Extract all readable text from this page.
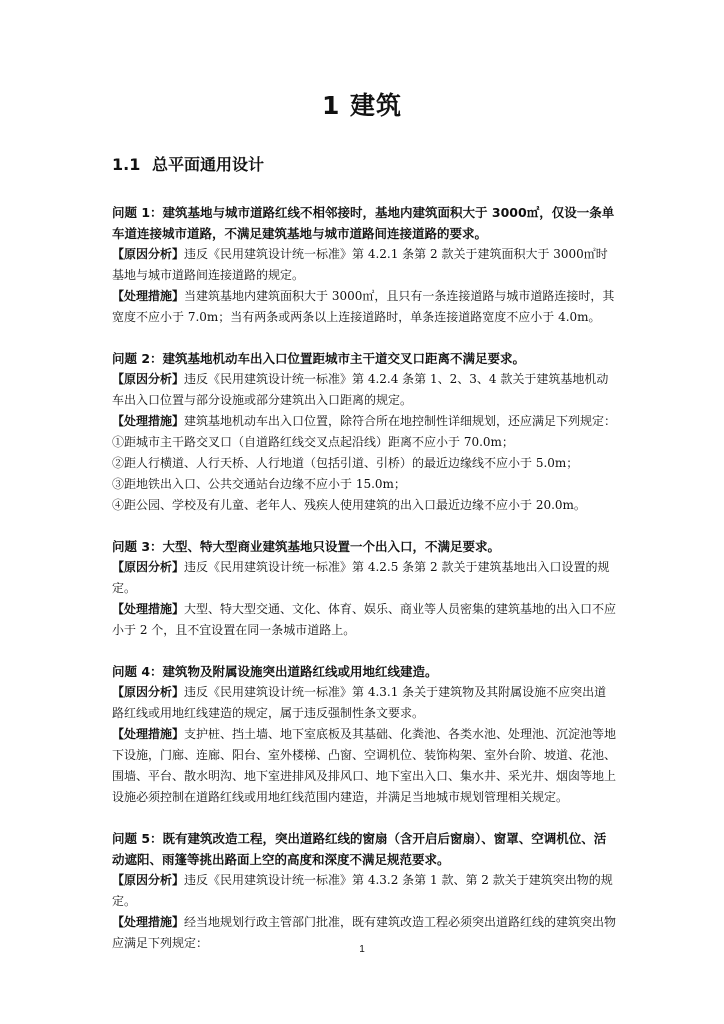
1 建筑
1.1 总平面通用设计

问题 1：建筑基地与城市道路红线不相邻接时，基地内建筑面积大于 3000㎡，仅设一条单车道连接城市道路，不满足建筑基地与城市道路间连接道路的要求。

【原因分析】违反《民用建筑设计统一标准》第 4.2.1 条第 2 款关于建筑面积大于 3000㎡时基地与城市道路间连接道路的规定。

【处理措施】当建筑基地内建筑面积大于 3000㎡，且只有一条连接道路与城市道路连接时，其宽度不应小于 7.0m；当有两条或两条以上连接道路时，单条连接道路宽度不应小于 4.0m。

问题 2：建筑基地机动车出入口位置距城市主干道交叉口距离不满足要求。

【原因分析】违反《民用建筑设计统一标准》第 4.2.4 条第 1、2、3、4 款关于建筑基地机动车出入口位置与部分设施或部分建筑出入口距离的规定。

【处理措施】建筑基地机动车出入口位置，除符合所在地控制性详细规划，还应满足下列规定：

①距城市主干路交叉口（自道路红线交叉点起沿线）距离不应小于 70.0m；

②距人行横道、人行天桥、人行地道（包括引道、引桥）的最近边缘线不应小于 5.0m；

③距地铁出入口、公共交通站台边缘不应小于 15.0m；

④距公园、学校及有儿童、老年人、残疾人使用建筑的出入口最近边缘不应小于 20.0m。

问题 3：大型、特大型商业建筑基地只设置一个出入口，不满足要求。

【原因分析】违反《民用建筑设计统一标准》第 4.2.5 条第 2 款关于建筑基地出入口设置的规定。

【处理措施】大型、特大型交通、文化、体育、娱乐、商业等人员密集的建筑基地的出入口不应小于 2 个，且不宜设置在同一条城市道路上。

问题 4：建筑物及附属设施突出道路红线或用地红线建造。

【原因分析】违反《民用建筑设计统一标准》第 4.3.1 条关于建筑物及其附属设施不应突出道路红线或用地红线建造的规定，属于违反强制性条文要求。

【处理措施】支护桩、挡土墙、地下室底板及其基础、化粪池、各类水池、处理池、沉淀池等地下设施，门廊、连廊、阳台、室外楼梯、凸窗、空调机位、装饰构架、室外台阶、坡道、花池、围墙、平台、散水明沟、地下室进排风及排风口、地下室出入口、集水井、采光井、烟囱等地上设施必须控制在道路红线或用地红线范围内建造，并满足当地城市规划管理相关规定。

问题 5：既有建筑改造工程，突出道路红线的窗扇（含开启后窗扇）、窗罩、空调机位、活动遮阳、雨篷等挑出路面上空的高度和深度不满足规范要求。

【原因分析】违反《民用建筑设计统一标准》第 4.3.2 条第 1 款、第 2 款关于建筑突出物的规定。

【处理措施】经当地规划行政主管部门批准，既有建筑改造工程必须突出道路红线的建筑突出物应满足下列规定：	1
